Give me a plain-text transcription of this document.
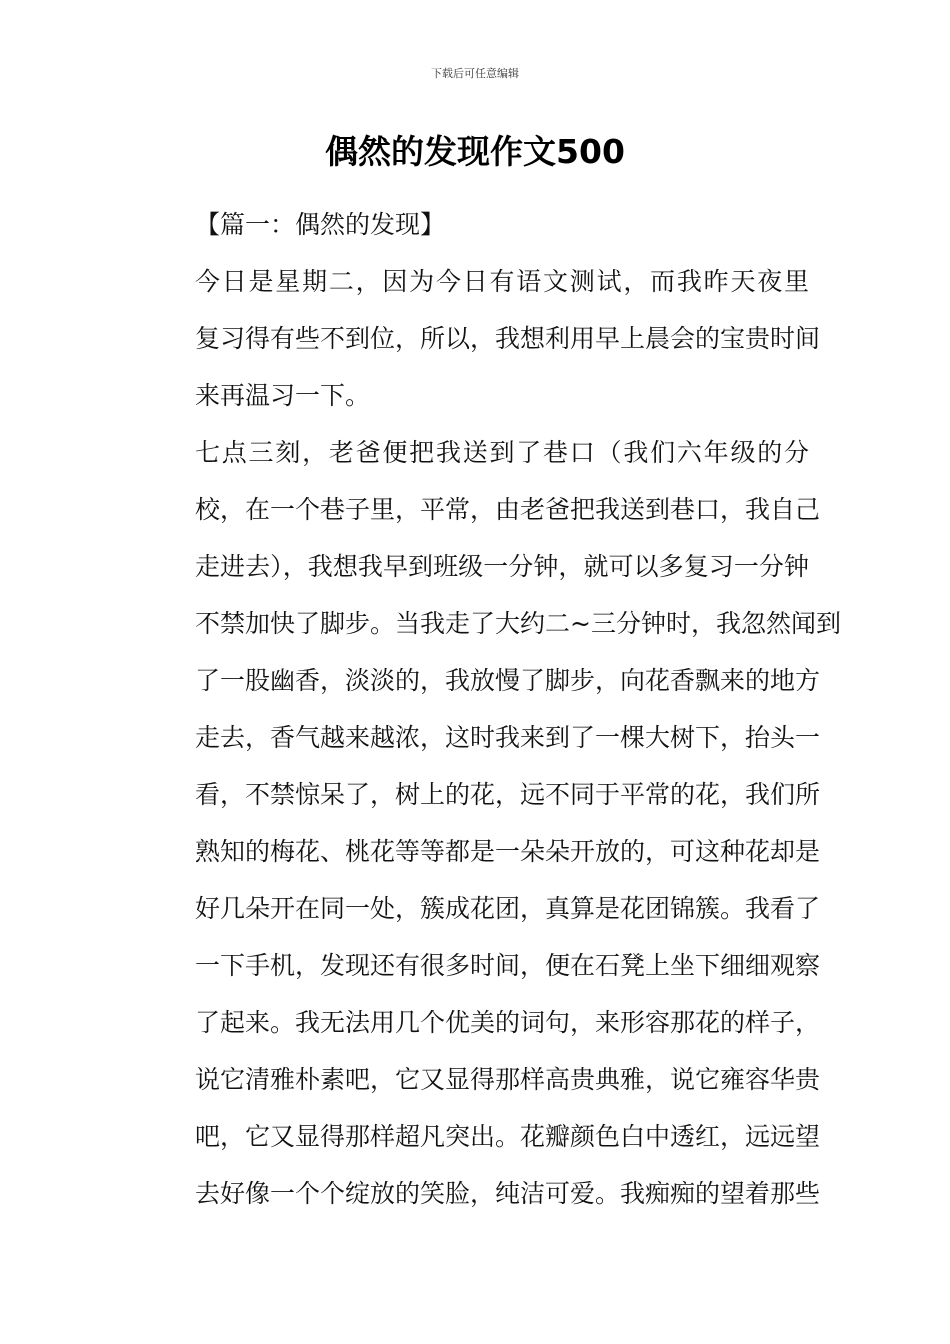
下载后可任意编辑
偶然的发现作文500

【篇一：偶然的发现】

今日是星期二，因为今日有语文测试，而我昨天夜里
复习得有些不到位，所以，我想利用早上晨会的宝贵时间
来再温习一下。

七点三刻，老爸便把我送到了巷口（我们六年级的分
校，在一个巷子里，平常，由老爸把我送到巷口，我自己
走进去），我想我早到班级一分钟，就可以多复习一分钟
不禁加快了脚步。当我走了大约二~三分钟时，我忽然闻到
了一股幽香，淡淡的，我放慢了脚步，向花香飘来的地方
走去，香气越来越浓，这时我来到了一棵大树下，抬头一
看，不禁惊呆了，树上的花，远不同于平常的花，我们所
熟知的梅花、桃花等等都是一朵朵开放的，可这种花却是
好几朵开在同一处，簇成花团，真算是花团锦簇。我看了
一下手机，发现还有很多时间，便在石凳上坐下细细观察
了起来。我无法用几个优美的词句，来形容那花的样子，
说它清雅朴素吧，它又显得那样高贵典雅，说它雍容华贵
吧，它又显得那样超凡突出。花瓣颜色白中透红，远远望
去好像一个个绽放的笑脸，纯洁可爱。我痴痴的望着那些
